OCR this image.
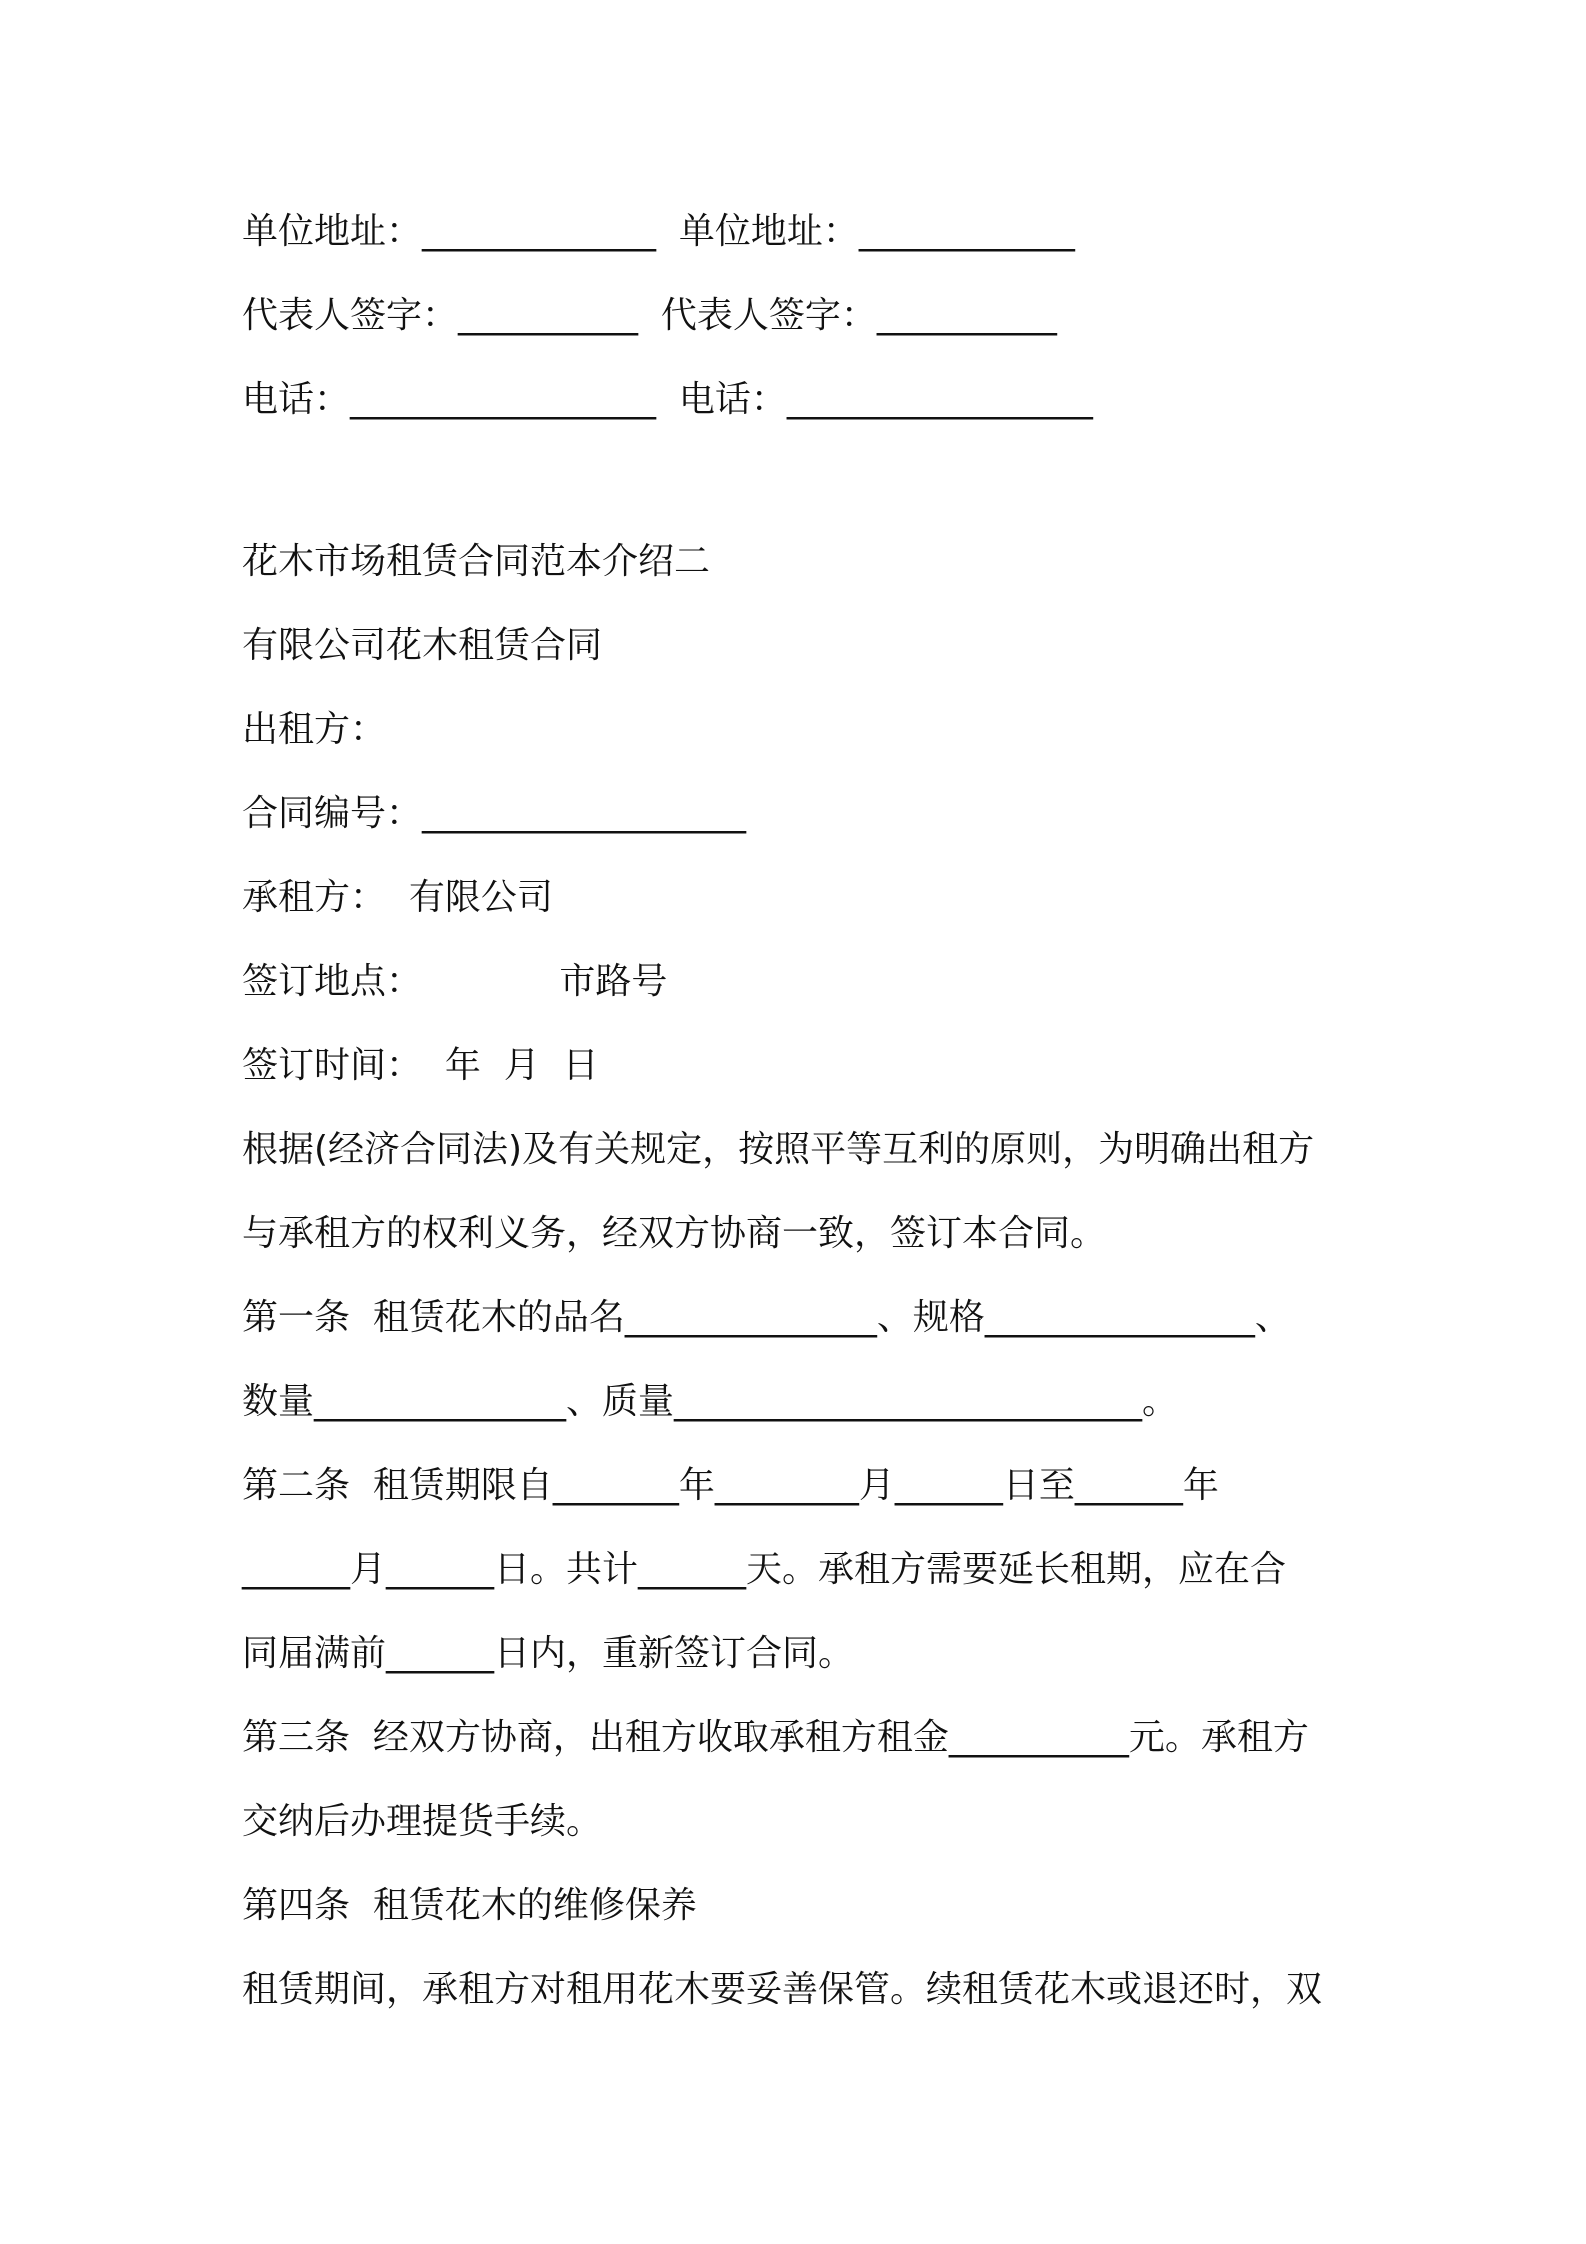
单位地址：_____________  单位地址：____________
代表人签字：__________  代表人签字：__________
电话：_________________  电话：_________________
花木市场租赁合同范本介绍二
有限公司花木租赁合同
出租方：
合同编号：__________________
承租方：  有限公司
签订地点：            市路号
签订时间：  年  月  日
根据(经济合同法)及有关规定，按照平等互利的原则，为明确出租方
与承租方的权利义务，经双方协商一致，签订本合同。
第一条  租赁花木的品名______________、规格_______________、
数量______________、质量__________________________。
第二条  租赁期限自_______年________月______日至______年
______月______日。共计______天。承租方需要延长租期，应在合
同届满前______日内，重新签订合同。
第三条  经双方协商，出租方收取承租方租金__________元。承租方
交纳后办理提货手续。
第四条  租赁花木的维修保养
租赁期间，承租方对租用花木要妥善保管。续租赁花木或退还时，双
